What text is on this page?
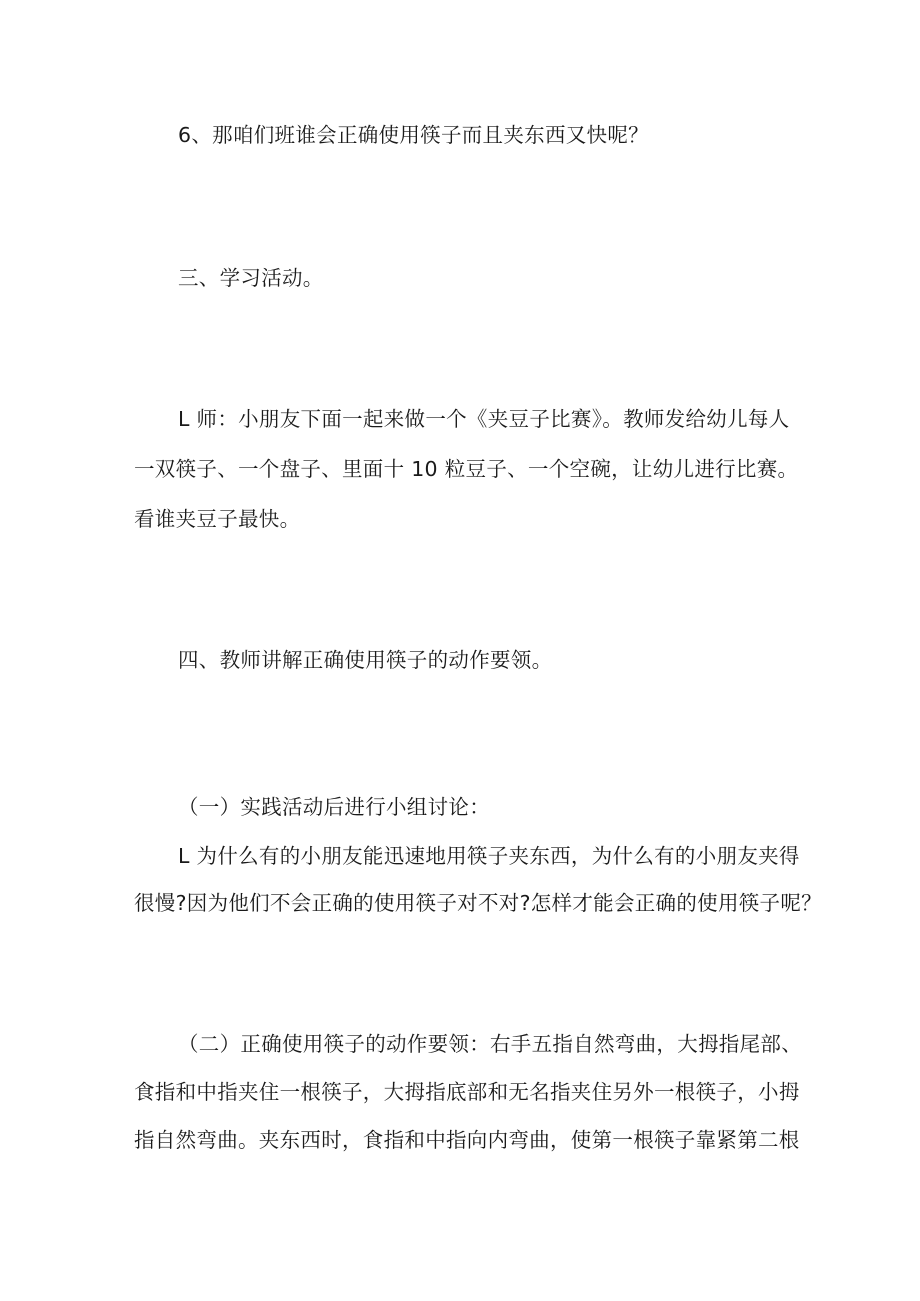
6、那咱们班谁会正确使用筷子而且夹东西又快呢？
三、学习活动。
L 师：小朋友下面一起来做一个《夹豆子比赛》。教师发给幼儿每人
一双筷子、一个盘子、里面十 10 粒豆子、一个空碗，让幼儿进行比赛。
看谁夹豆子最快。
四、教师讲解正确使用筷子的动作要领。
（一）实践活动后进行小组讨论：
L 为什么有的小朋友能迅速地用筷子夹东西，为什么有的小朋友夹得
很慢?因为他们不会正确的使用筷子对不对?怎样才能会正确的使用筷子呢？
（二）正确使用筷子的动作要领：右手五指自然弯曲，大拇指尾部、
食指和中指夹住一根筷子，大拇指底部和无名指夹住另外一根筷子，小拇
指自然弯曲。夹东西时，食指和中指向内弯曲，使第一根筷子靠紧第二根
